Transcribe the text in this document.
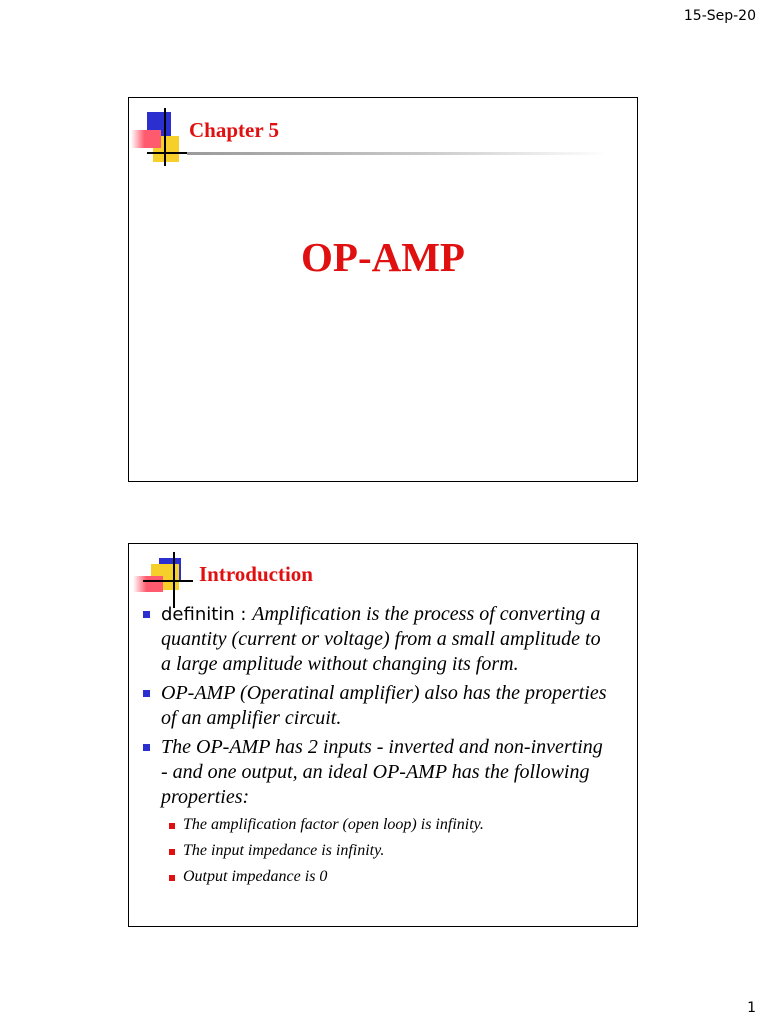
15-Sep-20
Chapter 5
OP-AMP
Introduction
definitin : Amplification is the process of converting a quantity (current or voltage) from a small amplitude to a large amplitude without changing its form.
OP-AMP (Operatinal amplifier) also has the properties of an amplifier circuit.
The OP-AMP has 2 inputs - inverted and non-inverting - and one output, an ideal OP-AMP has the following properties:
The amplification factor (open loop) is infinity.
The input impedance is infinity.
Output impedance is 0
1
